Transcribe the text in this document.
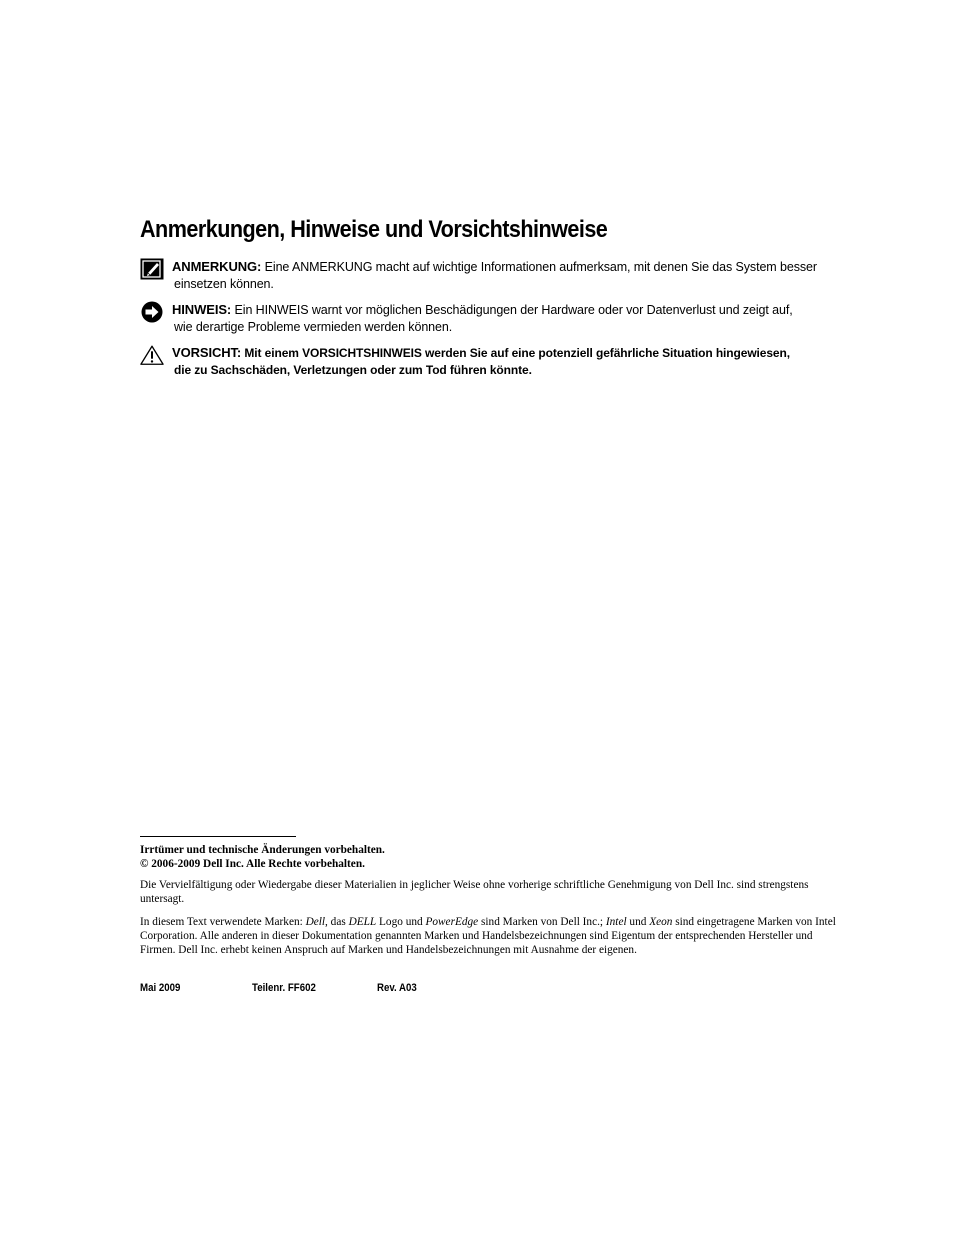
Anmerkungen, Hinweise und Vorsichtshinweise
ANMERKUNG: Eine ANMERKUNG macht auf wichtige Informationen aufmerksam, mit denen Sie das System besser
einsetzen können.
HINWEIS: Ein HINWEIS warnt vor möglichen Beschädigungen der Hardware oder vor Datenverlust und zeigt auf,
wie derartige Probleme vermieden werden können.
VORSICHT: Mit einem VORSICHTSHINWEIS werden Sie auf eine potenziell gefährliche Situation hingewiesen,
die zu Sachschäden, Verletzungen oder zum Tod führen könnte.
Irrtümer und technische Änderungen vorbehalten.
© 2006-2009 Dell Inc. Alle Rechte vorbehalten.
Die Vervielfältigung oder Wiedergabe dieser Materialien in jeglicher Weise ohne vorherige schriftliche Genehmigung von Dell Inc. sind strengstens untersagt.
In diesem Text verwendete Marken: Dell, das DELL Logo und PowerEdge sind Marken von Dell Inc.; Intel und Xeon sind eingetragene Marken von Intel Corporation. Alle anderen in dieser Dokumentation genannten Marken und Handelsbezeichnungen sind Eigentum der entsprechenden Hersteller und Firmen. Dell Inc. erhebt keinen Anspruch auf Marken und Handelsbezeichnungen mit Ausnahme der eigenen.
Mai 2009	Teilenr. FF602	Rev. A03
